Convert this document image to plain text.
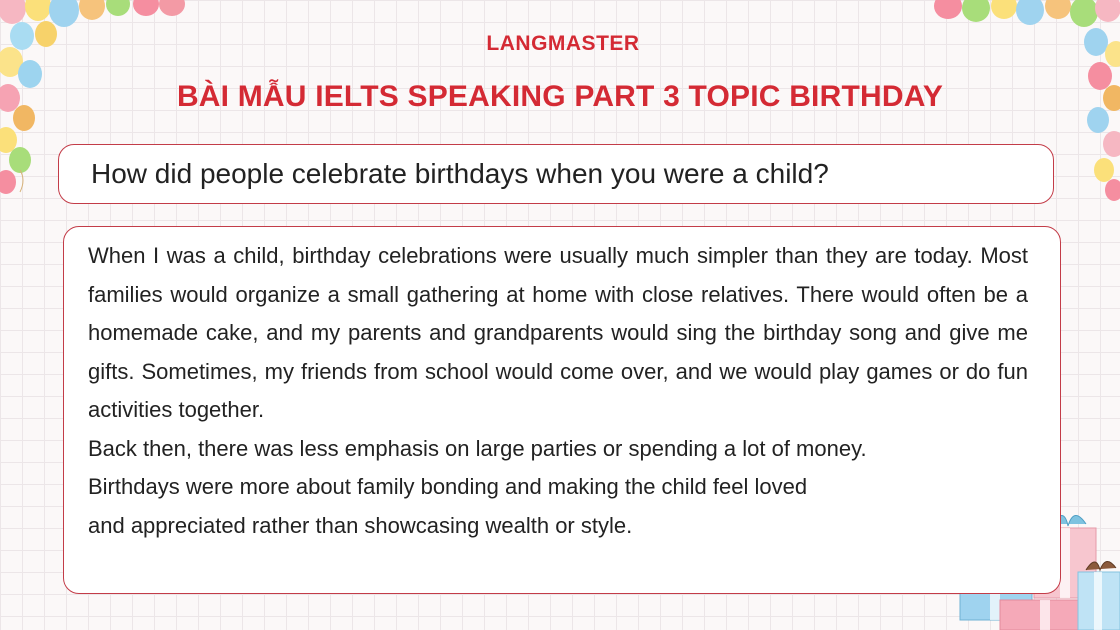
LANGMASTER
BÀI MẪU IELTS SPEAKING PART 3 TOPIC BIRTHDAY
How did people celebrate birthdays when you were a child?

When I was a child, birthday celebrations were usually much simpler than they are today. Most families would organize a small gathering at home with close relatives. There would often be a homemade cake, and my parents and grandparents would sing the birthday song and give me gifts. Sometimes, my friends from school would come over, and we would play games or do fun activities together.

Back then, there was less emphasis on large parties or spending a lot of money.
Birthdays were more about family bonding and making the child feel loved
and appreciated rather than showcasing wealth or style.
